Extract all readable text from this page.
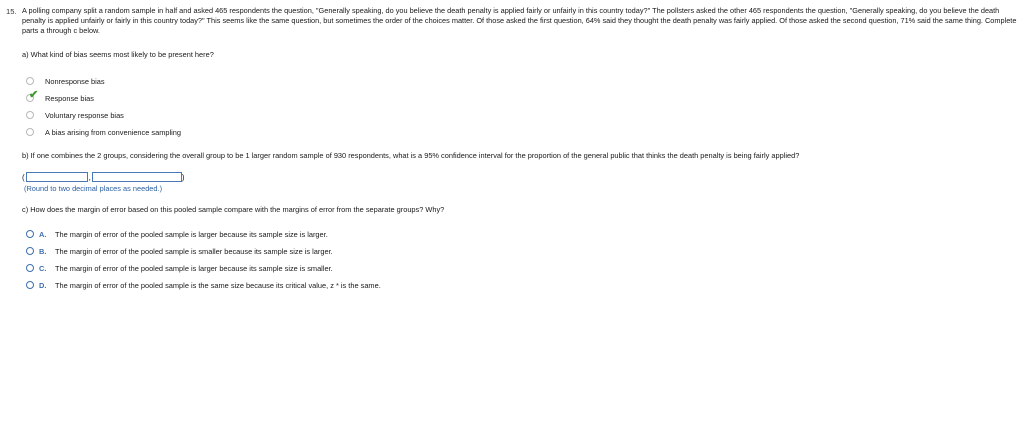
15. A polling company split a random sample in half and asked 465 respondents the question, "Generally speaking, do you believe the death penalty is applied fairly or unfairly in this country today?" The pollsters asked the other 465 respondents the question, "Generally speaking, do you believe the death penalty is applied unfairly or fairly in this country today?" This seems like the same question, but sometimes the order of the choices matter. Of those asked the first question, 64% said they thought the death penalty was fairly applied. Of those asked the second question, 71% said the same thing. Complete parts a through c below.
a) What kind of bias seems most likely to be present here?
Nonresponse bias
✔ Response bias
Voluntary response bias
A bias arising from convenience sampling
b) If one combines the 2 groups, considering the overall group to be 1 larger random sample of 930 respondents, what is a 95% confidence interval for the proportion of the general public that thinks the death penalty is being fairly applied?
(	,	)
(Round to two decimal places as needed.)
c) How does the margin of error based on this pooled sample compare with the margins of error from the separate groups? Why?
A.	The margin of error of the pooled sample is larger because its sample size is larger.
B.	The margin of error of the pooled sample is smaller because its sample size is larger.
C.	The margin of error of the pooled sample is larger because its sample size is smaller.
D.	The margin of error of the pooled sample is the same size because its critical value, z * is the same.
